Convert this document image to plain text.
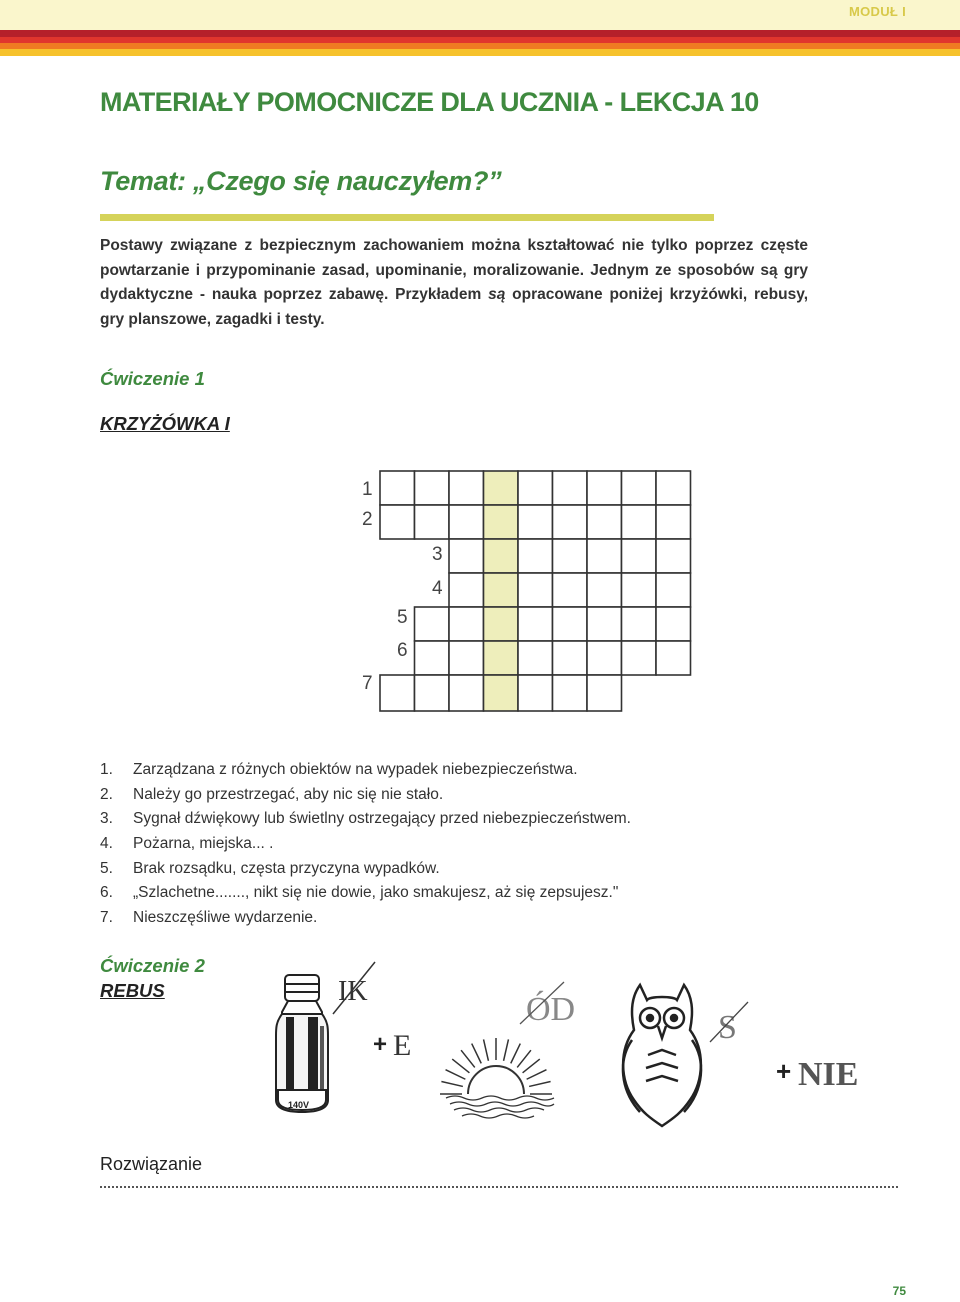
MODUŁ I
MATERIAŁY POMOCNICZE DLA UCZNIA - LEKCJA 10
Temat: „Czego się nauczyłem?”

Postawy związane z bezpiecznym zachowaniem można kształtować nie tylko poprzez częste powtarzanie i przypominanie zasad, upominanie, moralizowanie. Jednym ze sposobów są gry dydaktyczne - nauka poprzez zabawę. Przykładem są opracowane poniżej krzyżówki, rebusy, gry planszowe, zagadki i testy.

Ćwiczenie 1
KRZYŻÓWKA I
1
2
3
4
5
6
7
1. Zarządzana z różnych obiektów na wypadek niebezpieczeństwa.
2. Należy go przestrzegać, aby nic się nie stało.
3. Sygnał dźwiękowy lub świetlny ostrzegający przed niebezpieczeństwem.
4. Pożarna, miejska... .
5. Brak rozsądku, częsta przyczyna wypadków.
6. „Szlachetne......., nikt się nie dowie, jako smakujesz, aż się zepsujesz."
7. Nieszczęśliwe wydarzenie.
Ćwiczenie 2
REBUS
140V
IK
+ E
ÓD	S
+ NIE

Rozwiązanie

75
